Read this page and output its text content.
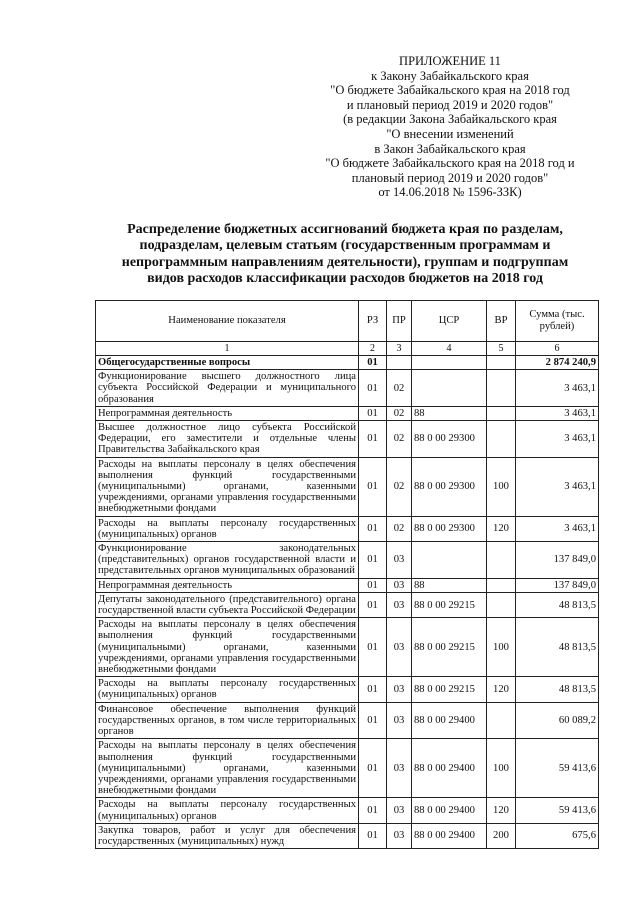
ПРИЛОЖЕНИЕ 11
к Закону Забайкальского края
"О бюджете Забайкальского края на 2018 год
и плановый период 2019 и 2020 годов"
(в редакции Закона Забайкальского края
"О внесении изменений
в Закон Забайкальского края
"О бюджете Забайкальского края на 2018 год и
плановый период 2019 и 2020 годов"
от 14.06.2018 № 1596-ЗЗК)
Распределение бюджетных ассигнований бюджета края по разделам,
подразделам, целевым статьям (государственным программам и
непрограммным направлениям деятельности), группам и подгруппам
видов расходов классификации расходов бюджетов на 2018 год
Наименование показателя	РЗ	ПР	ЦСР	ВР	Сумма (тыс. рублей)
1	2	3	4	5	6
Общегосударственные вопросы	01				2 874 240,9
Функционирование высшего должностного лица субъекта Российской Федерации и муниципального образования	01	02			3 463,1
Непрограммная деятельность	01	02	88		3 463,1
Высшее должностное лицо субъекта Российской Федерации, его заместители и отдельные члены Правительства Забайкальского края	01	02	88 0 00 29300		3 463,1
Расходы на выплаты персоналу в целях обеспечения выполнения функций государственными (муниципальными) органами, казенными учреждениями, органами управления государственными внебюджетными фондами	01	02	88 0 00 29300	100	3 463,1
Расходы на выплаты персоналу государственных (муниципальных) органов	01	02	88 0 00 29300	120	3 463,1
Функционирование законодательных (представительных) органов государственной власти и представительных органов муниципальных образований	01	03			137 849,0
Непрограммная деятельность	01	03	88		137 849,0
Депутаты законодательного (представительного) органа государственной власти субъекта Российской Федерации	01	03	88 0 00 29215		48 813,5
Расходы на выплаты персоналу в целях обеспечения выполнения функций государственными (муниципальными) органами, казенными учреждениями, органами управления государственными внебюджетными фондами	01	03	88 0 00 29215	100	48 813,5
Расходы на выплаты персоналу государственных (муниципальных) органов	01	03	88 0 00 29215	120	48 813,5
Финансовое обеспечение выполнения функций государственных органов, в том числе территориальных органов	01	03	88 0 00 29400		60 089,2
Расходы на выплаты персоналу в целях обеспечения выполнения функций государственными (муниципальными) органами, казенными учреждениями, органами управления государственными внебюджетными фондами	01	03	88 0 00 29400	100	59 413,6
Расходы на выплаты персоналу государственных (муниципальных) органов	01	03	88 0 00 29400	120	59 413,6
Закупка товаров, работ и услуг для обеспечения государственных (муниципальных) нужд	01	03	88 0 00 29400	200	675,6
